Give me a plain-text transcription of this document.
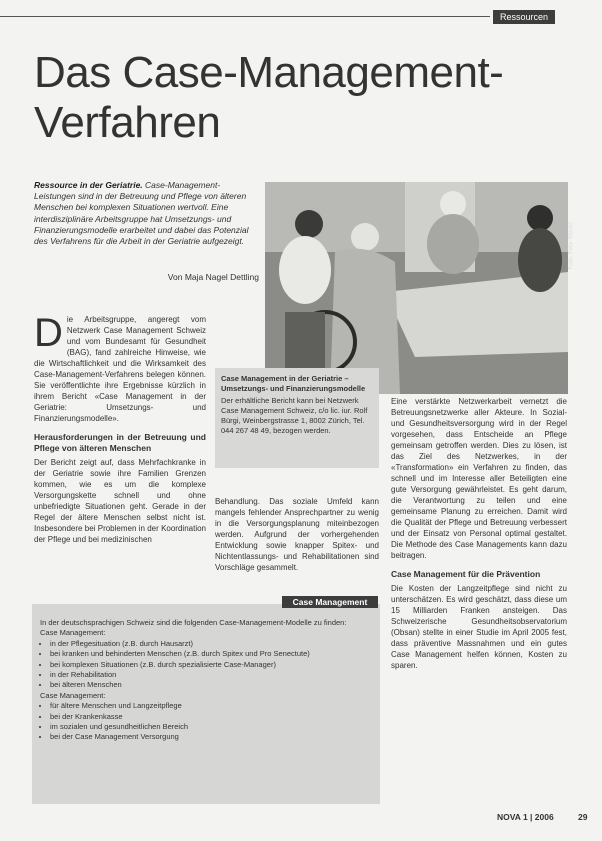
Ressourcen
Das Case-Management-Verfahren
Ressource in der Geriatrie. Case-Management-Leistungen sind in der Betreuung und Pflege von älteren Menschen bei komplexen Situationen wertvoll. Eine interdisziplinäre Arbeitsgruppe hat Umsetzungs- und Finanzierungsmodelle erarbeitet und dabei das Potenzial des Verfahrens für die Arbeit in der Geriatrie aufgezeigt.
Von Maja Nagel Dettling
Foto: Felix Stöckli

Die Arbeitsgruppe, angeregt vom Netzwerk Case Management Schweiz und vom Bundesamt für Gesundheit (BAG), fand zahlreiche Hinweise, wie die Wirtschaftlichkeit und die Wirksamkeit des Case-Management-Verfahrens belegen können. Sie veröffentlichte ihre Ergebnisse kürzlich in ihrem Bericht «Case Management in der Geriatrie: Umsetzungs- und Finanzierungsmodelle».

Herausforderungen in der Betreuung und Pflege von älteren Menschen

Der Bericht zeigt auf, dass Mehrfachkranke in der Geriatrie sowie ihre Familien Grenzen kommen, wie es um die komplexe Versorgungskette schnell und ohne unbefriedigte Situationen geht. Gerade in der Regel der ältere Menschen selbst nicht ist. Insbesondere bei Problemen in der Koordination der Pflege und bei medizinischen

Case Management in der Geriatrie – Umsetzungs- und Finanzierungsmodelle

Der erhältliche Bericht kann bei Netzwerk Case Management Schweiz, c/o lic. iur. Rolf Bürgi, Weinbergstrasse 1, 8002 Zürich, Tel. 044 267 48 49, bezogen werden.

Behandlung. Das soziale Umfeld kann mangels fehlender Ansprechpartner zu wenig in die Versorgungsplanung miteinbezogen werden. Aufgrund der vorhergehenden Entwicklung sowie knapper Spitex- und Nichtentlassungs- und Rehabilitationen sind Vorschläge gesammelt.

Eine verstärkte Netzwerkarbeit vernetzt die Betreuungsnetzwerke aller Akteure. In Sozial- und Gesundheitsversorgung wird in der Regel vorgesehen, dass Entscheide an Pflege gemeinsam getroffen werden. Dies zu lösen, ist das Ziel des Netzwerkes, in der «Transformation» ein Verfahren zu finden, das schnell und im Interesse aller Beteiligten eine gute Versorgung gewährleistet. Es geht darum, die Verantwortung zu teilen und eine gemeinsame Planung zu erreichen. Damit wird die Qualität der Pflege und Betreuung verbessert und der Einsatz von Personal optimal gestaltet. Die Methode des Case Managements kann dazu beitragen.

Case Management für die Prävention

Die Kosten der Langzeitpflege sind nicht zu unterschätzen. Es wird geschätzt, dass diese um 15 Milliarden Franken ansteigen. Das Schweizerische Gesundheitsobservatorium (Obsan) stellte in einer Studie im April 2005 fest, dass präventive Massnahmen und ein gutes Case Management helfen können, Kosten zu sparen.

In der deutschsprachigen Schweiz sind die folgenden Case-Management-Modelle zu finden:

Case Management:

• in der Pflegesituation (z.B. durch Hausarzt)
• bei kranken und behinderten Menschen (z.B. durch Spitex und Pro Senectute)
• bei komplexen Situationen (z.B. durch spezialisierte Case-Manager)
• in der Rehabilitation
• bei älteren Menschen

Case Management:

• für ältere Menschen und Langzeitpflege
• bei der Krankenkasse
• im sozialen und gesundheitlichen Bereich
• bei der Case Management Versorgung
Case Management
NOVA 1 | 2006	29
